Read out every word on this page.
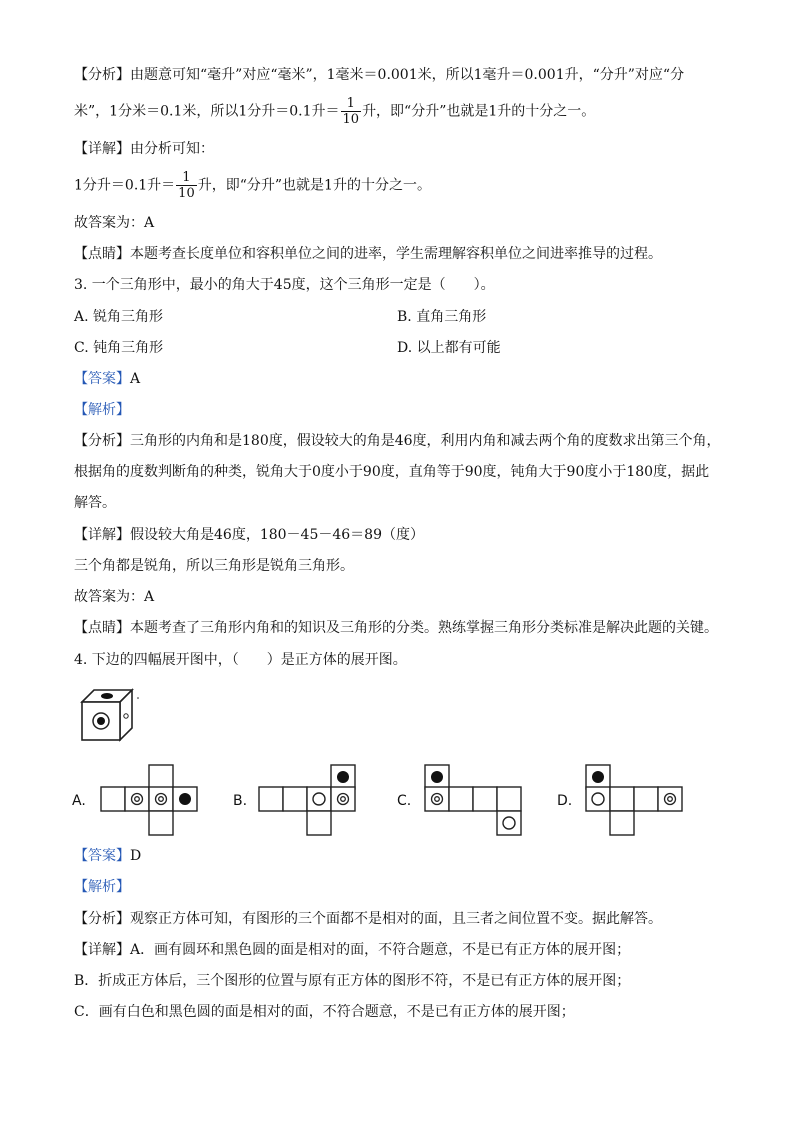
【分析】由题意可知“毫升”对应“毫米”，1毫米＝0.001米，所以1毫升＝0.001升，“分升”对应“分
米”，1分米＝0.1米，所以1分升＝0.1升＝ $\frac{1}{10}$ 升，即“分升”也就是1升的十分之一。
【详解】由分析可知：
1分升＝0.1升＝ $\frac{1}{10}$ 升，即“分升”也就是1升的十分之一。
故答案为：A
【点睛】本题考查长度单位和容积单位之间的进率，学生需理解容积单位之间进率推导的过程。
3. 一个三角形中，最小的角大于45度，这个三角形一定是（　　）。
A. 锐角三角形	B. 直角三角形
C. 钝角三角形	D. 以上都有可能
【答案】A
【解析】
【分析】三角形的内角和是180度，假设较大的角是46度，利用内角和减去两个角的度数求出第三个角，
根据角的度数判断角的种类，锐角大于0度小于90度，直角等于90度，钝角大于90度小于180度，据此
解答。
【详解】假设较大角是46度，180－45－46＝89（度）
三个角都是锐角，所以三角形是锐角三角形。
故答案为：A
【点睛】本题考查了三角形内角和的知识及三角形的分类。熟练掌握三角形分类标准是解决此题的关键。
4. 下边的四幅展开图中，（　　）是正方体的展开图。
A.	B.	C.	D.
【答案】D
【解析】
【分析】观察正方体可知，有图形的三个面都不是相对的面，且三者之间位置不变。据此解答。
【详解】A．画有圆环和黑色圆的面是相对的面，不符合题意，不是已有正方体的展开图；
B．折成正方体后，三个图形的位置与原有正方体的图形不符，不是已有正方体的展开图；
C．画有白色和黑色圆的面是相对的面，不符合题意，不是已有正方体的展开图；
